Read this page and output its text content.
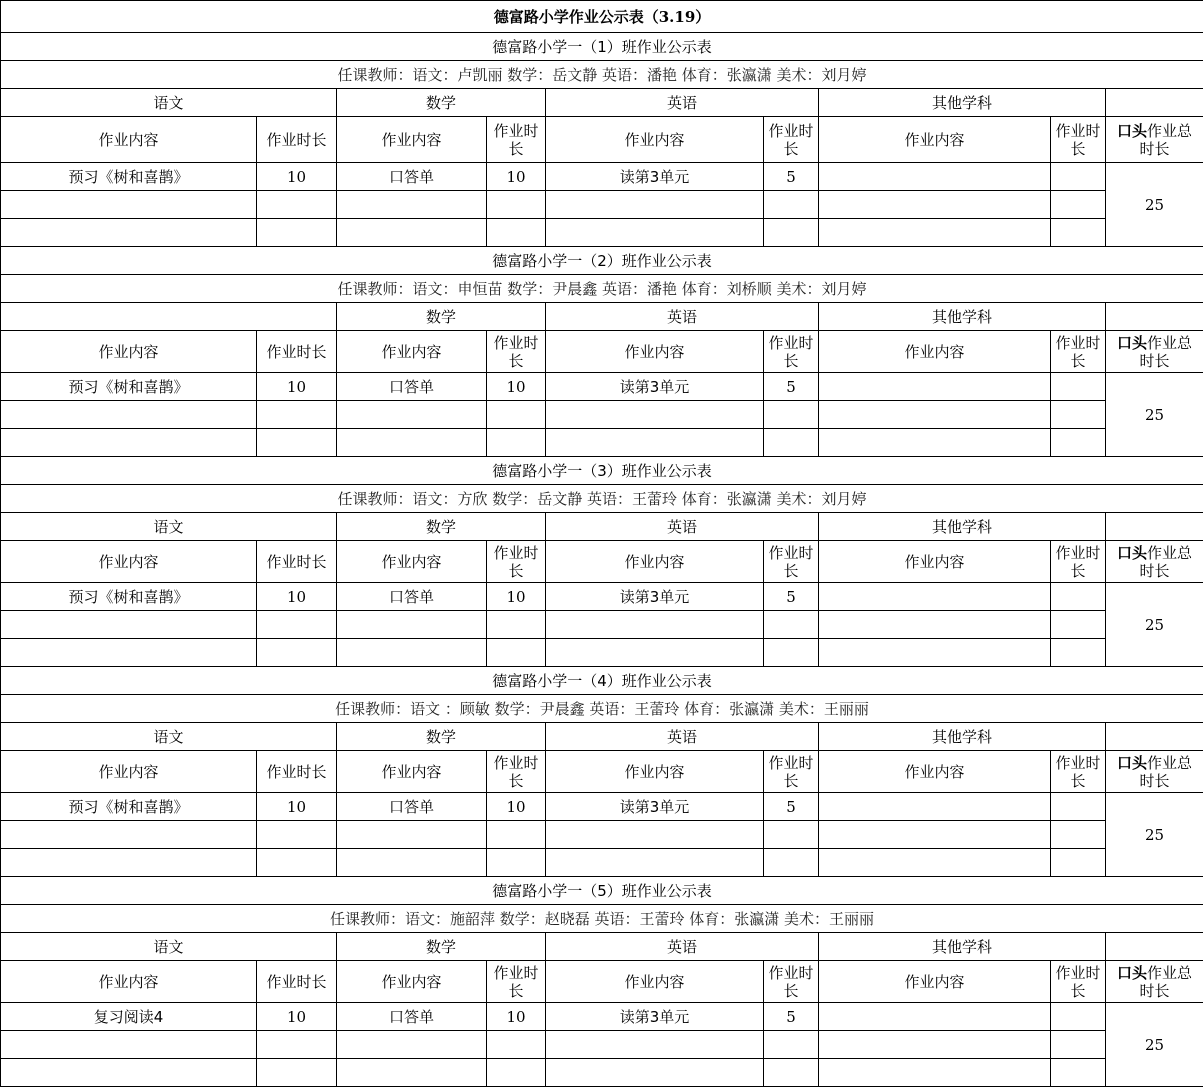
德富路小学作业公示表（3.19）								
德富路小学一（1）班作业公示表								
任课教师：语文：卢凯丽 数学：岳文静 英语：潘艳 体育：张瀛潇 美术：刘月婷								
语文		数学		英语		其他学科		
作业内容	作业时长	作业内容	作业时长	作业内容	作业时长	作业内容	作业时长	口头作业总时长
预习《树和喜鹊》	10	口答单	10	读第3单元	5			25

德富路小学一（2）班作业公示表								
任课教师：语文：申恒苗 数学：尹晨鑫 英语：潘艳 体育：刘桥顺 美术：刘月婷								
		数学		英语		其他学科		
作业内容	作业时长	作业内容	作业时长	作业内容	作业时长	作业内容	作业时长	口头作业总时长
预习《树和喜鹊》	10	口答单	10	读第3单元	5			25

德富路小学一（3）班作业公示表								
任课教师：语文：方欣 数学：岳文静 英语：王蕾玲 体育：张瀛潇 美术：刘月婷								
语文		数学		英语		其他学科		
作业内容	作业时长	作业内容	作业时长	作业内容	作业时长	作业内容	作业时长	口头作业总时长
预习《树和喜鹊》	10	口答单	10	读第3单元	5			25

德富路小学一（4）班作业公示表								
任课教师：语文 ：顾敏 数学：尹晨鑫 英语：王蕾玲 体育：张瀛潇 美术：王丽丽								
语文		数学		英语		其他学科		
作业内容	作业时长	作业内容	作业时长	作业内容	作业时长	作业内容	作业时长	口头作业总时长
预习《树和喜鹊》	10	口答单	10	读第3单元	5			25

德富路小学一（5）班作业公示表								
任课教师：语文：施韶萍 数学：赵晓磊 英语：王蕾玲 体育：张瀛潇 美术：王丽丽								
语文		数学		英语		其他学科		
作业内容	作业时长	作业内容	作业时长	作业内容	作业时长	作业内容	作业时长	口头作业总时长
复习阅读4	10	口答单	10	读第3单元	5			25
